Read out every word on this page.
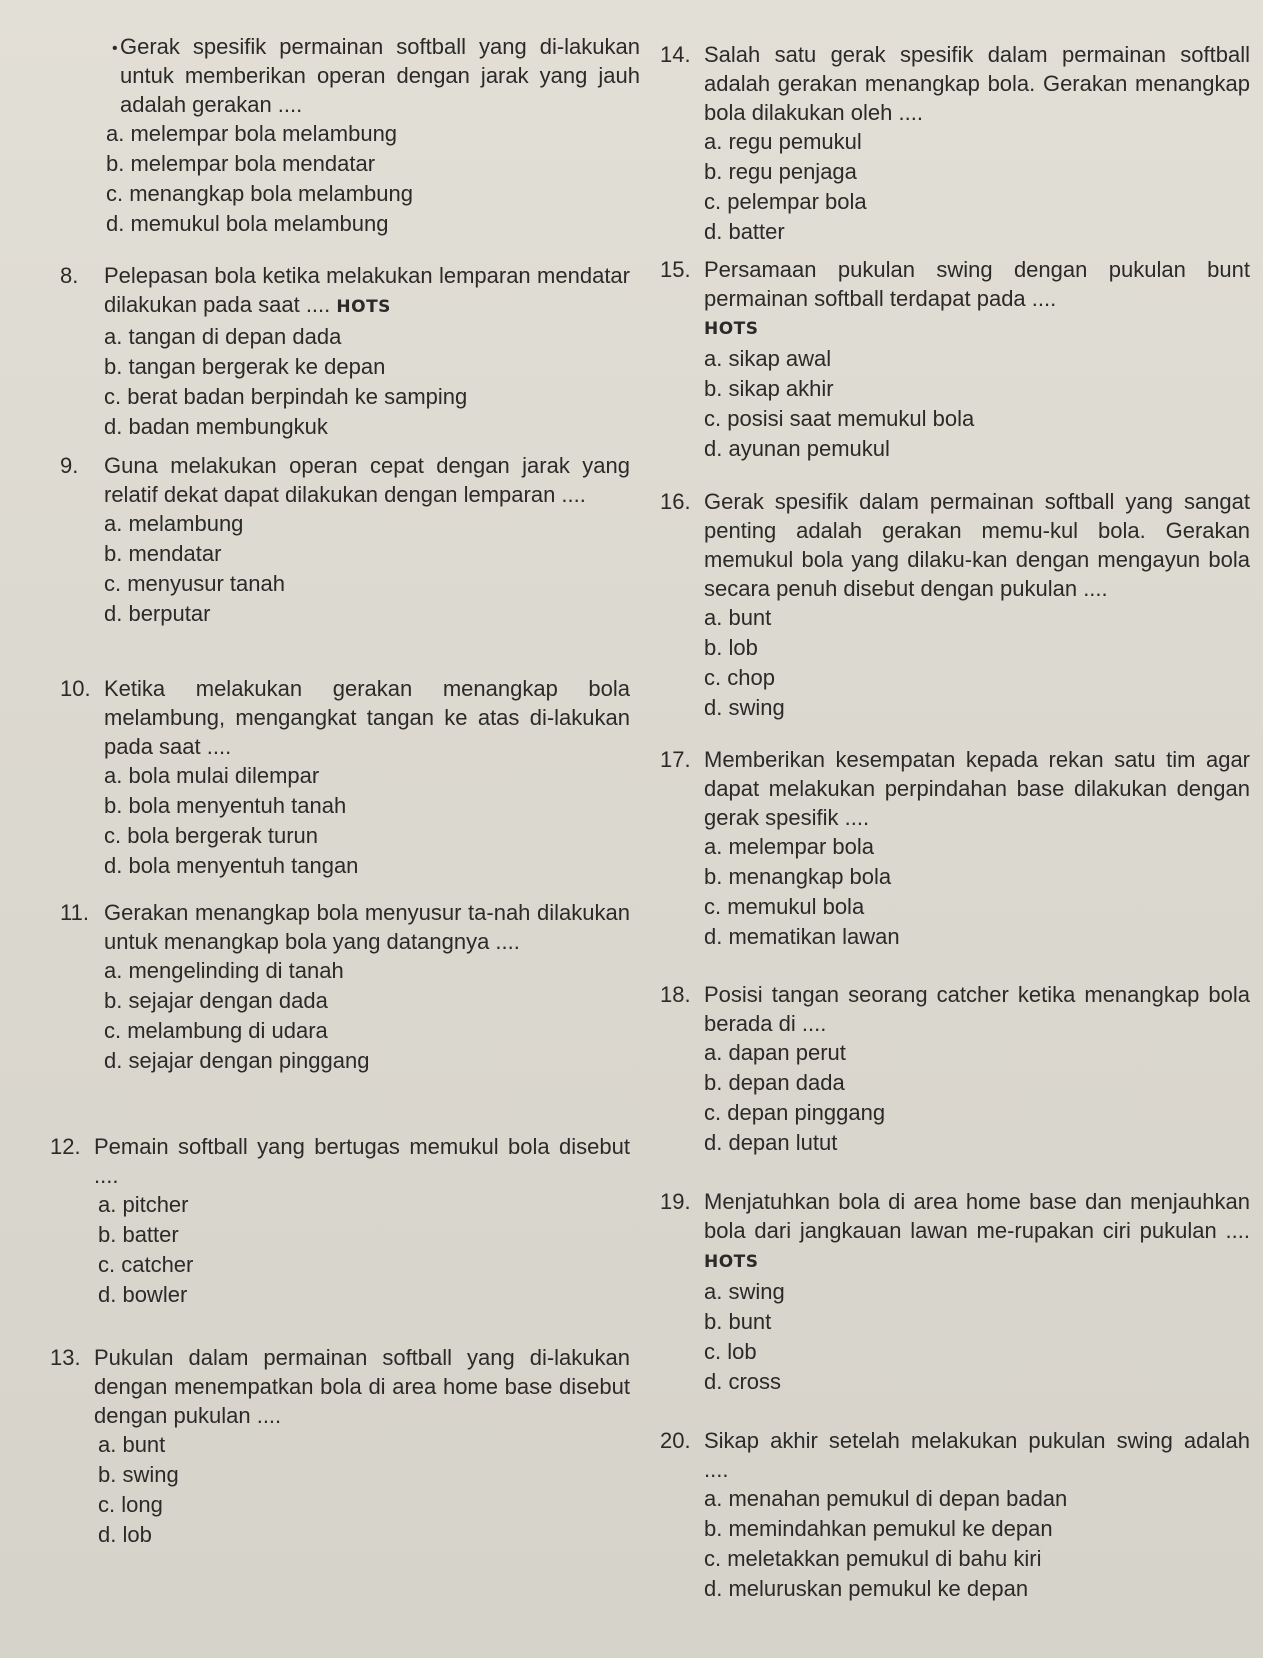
• Gerak spesifik permainan softball yang di-lakukan untuk memberikan operan dengan jarak yang jauh adalah gerakan ....
a. melempar bola melambung
b. melempar bola mendatar
c. menangkap bola melambung
d. memukul bola melambung
8.	Pelepasan bola ketika melakukan lemparan mendatar dilakukan pada saat .... HOTS
a. tangan di depan dada
b. tangan bergerak ke depan
c. berat badan berpindah ke samping
d. badan membungkuk
9.	Guna melakukan operan cepat dengan jarak yang relatif dekat dapat dilakukan dengan lemparan ....
a. melambung
b. mendatar
c. menyusur tanah
d. berputar
10. Ketika melakukan gerakan menangkap bola melambung, mengangkat tangan ke atas di-lakukan pada saat ....
a. bola mulai dilempar
b. bola menyentuh tanah
c. bola bergerak turun
d. bola menyentuh tangan
11. Gerakan menangkap bola menyusur ta-nah dilakukan untuk menangkap bola yang datangnya ....
a. mengelinding di tanah
b. sejajar dengan dada
c. melambung di udara
d. sejajar dengan pinggang
12. Pemain softball yang bertugas memukul bola disebut ....
a. pitcher
b. batter
c. catcher
d. bowler
13. Pukulan dalam permainan softball yang di-lakukan dengan menempatkan bola di area home base disebut dengan pukulan ....
a. bunt
b. swing
c. long
d. lob
14. Salah satu gerak spesifik dalam permainan softball adalah gerakan menangkap bola. Gerakan menangkap bola dilakukan oleh ....
a. regu pemukul
b. regu penjaga
c. pelempar bola
d. batter
15. Persamaan pukulan swing dengan pukulan bunt permainan softball terdapat pada ....
HOTS
a. sikap awal
b. sikap akhir
c. posisi saat memukul bola
d. ayunan pemukul
16. Gerak spesifik dalam permainan softball yang sangat penting adalah gerakan memu-kul bola. Gerakan memukul bola yang dilaku-kan dengan mengayun bola secara penuh disebut dengan pukulan ....
a. bunt
b. lob
c. chop
d. swing
17. Memberikan kesempatan kepada rekan satu tim agar dapat melakukan perpindahan base dilakukan dengan gerak spesifik ....
a. melempar bola
b. menangkap bola
c. memukul bola
d. mematikan lawan
18. Posisi tangan seorang catcher ketika menangkap bola berada di ....
a. dapan perut
b. depan dada
c. depan pinggang
d. depan lutut
19. Menjatuhkan bola di area home base dan menjauhkan bola dari jangkauan lawan me-rupakan ciri pukulan .... HOTS
a. swing
b. bunt
c. lob
d. cross
20. Sikap akhir setelah melakukan pukulan swing adalah ....
a. menahan pemukul di depan badan
b. memindahkan pemukul ke depan
c. meletakkan pemukul di bahu kiri
d. meluruskan pemukul ke depan
